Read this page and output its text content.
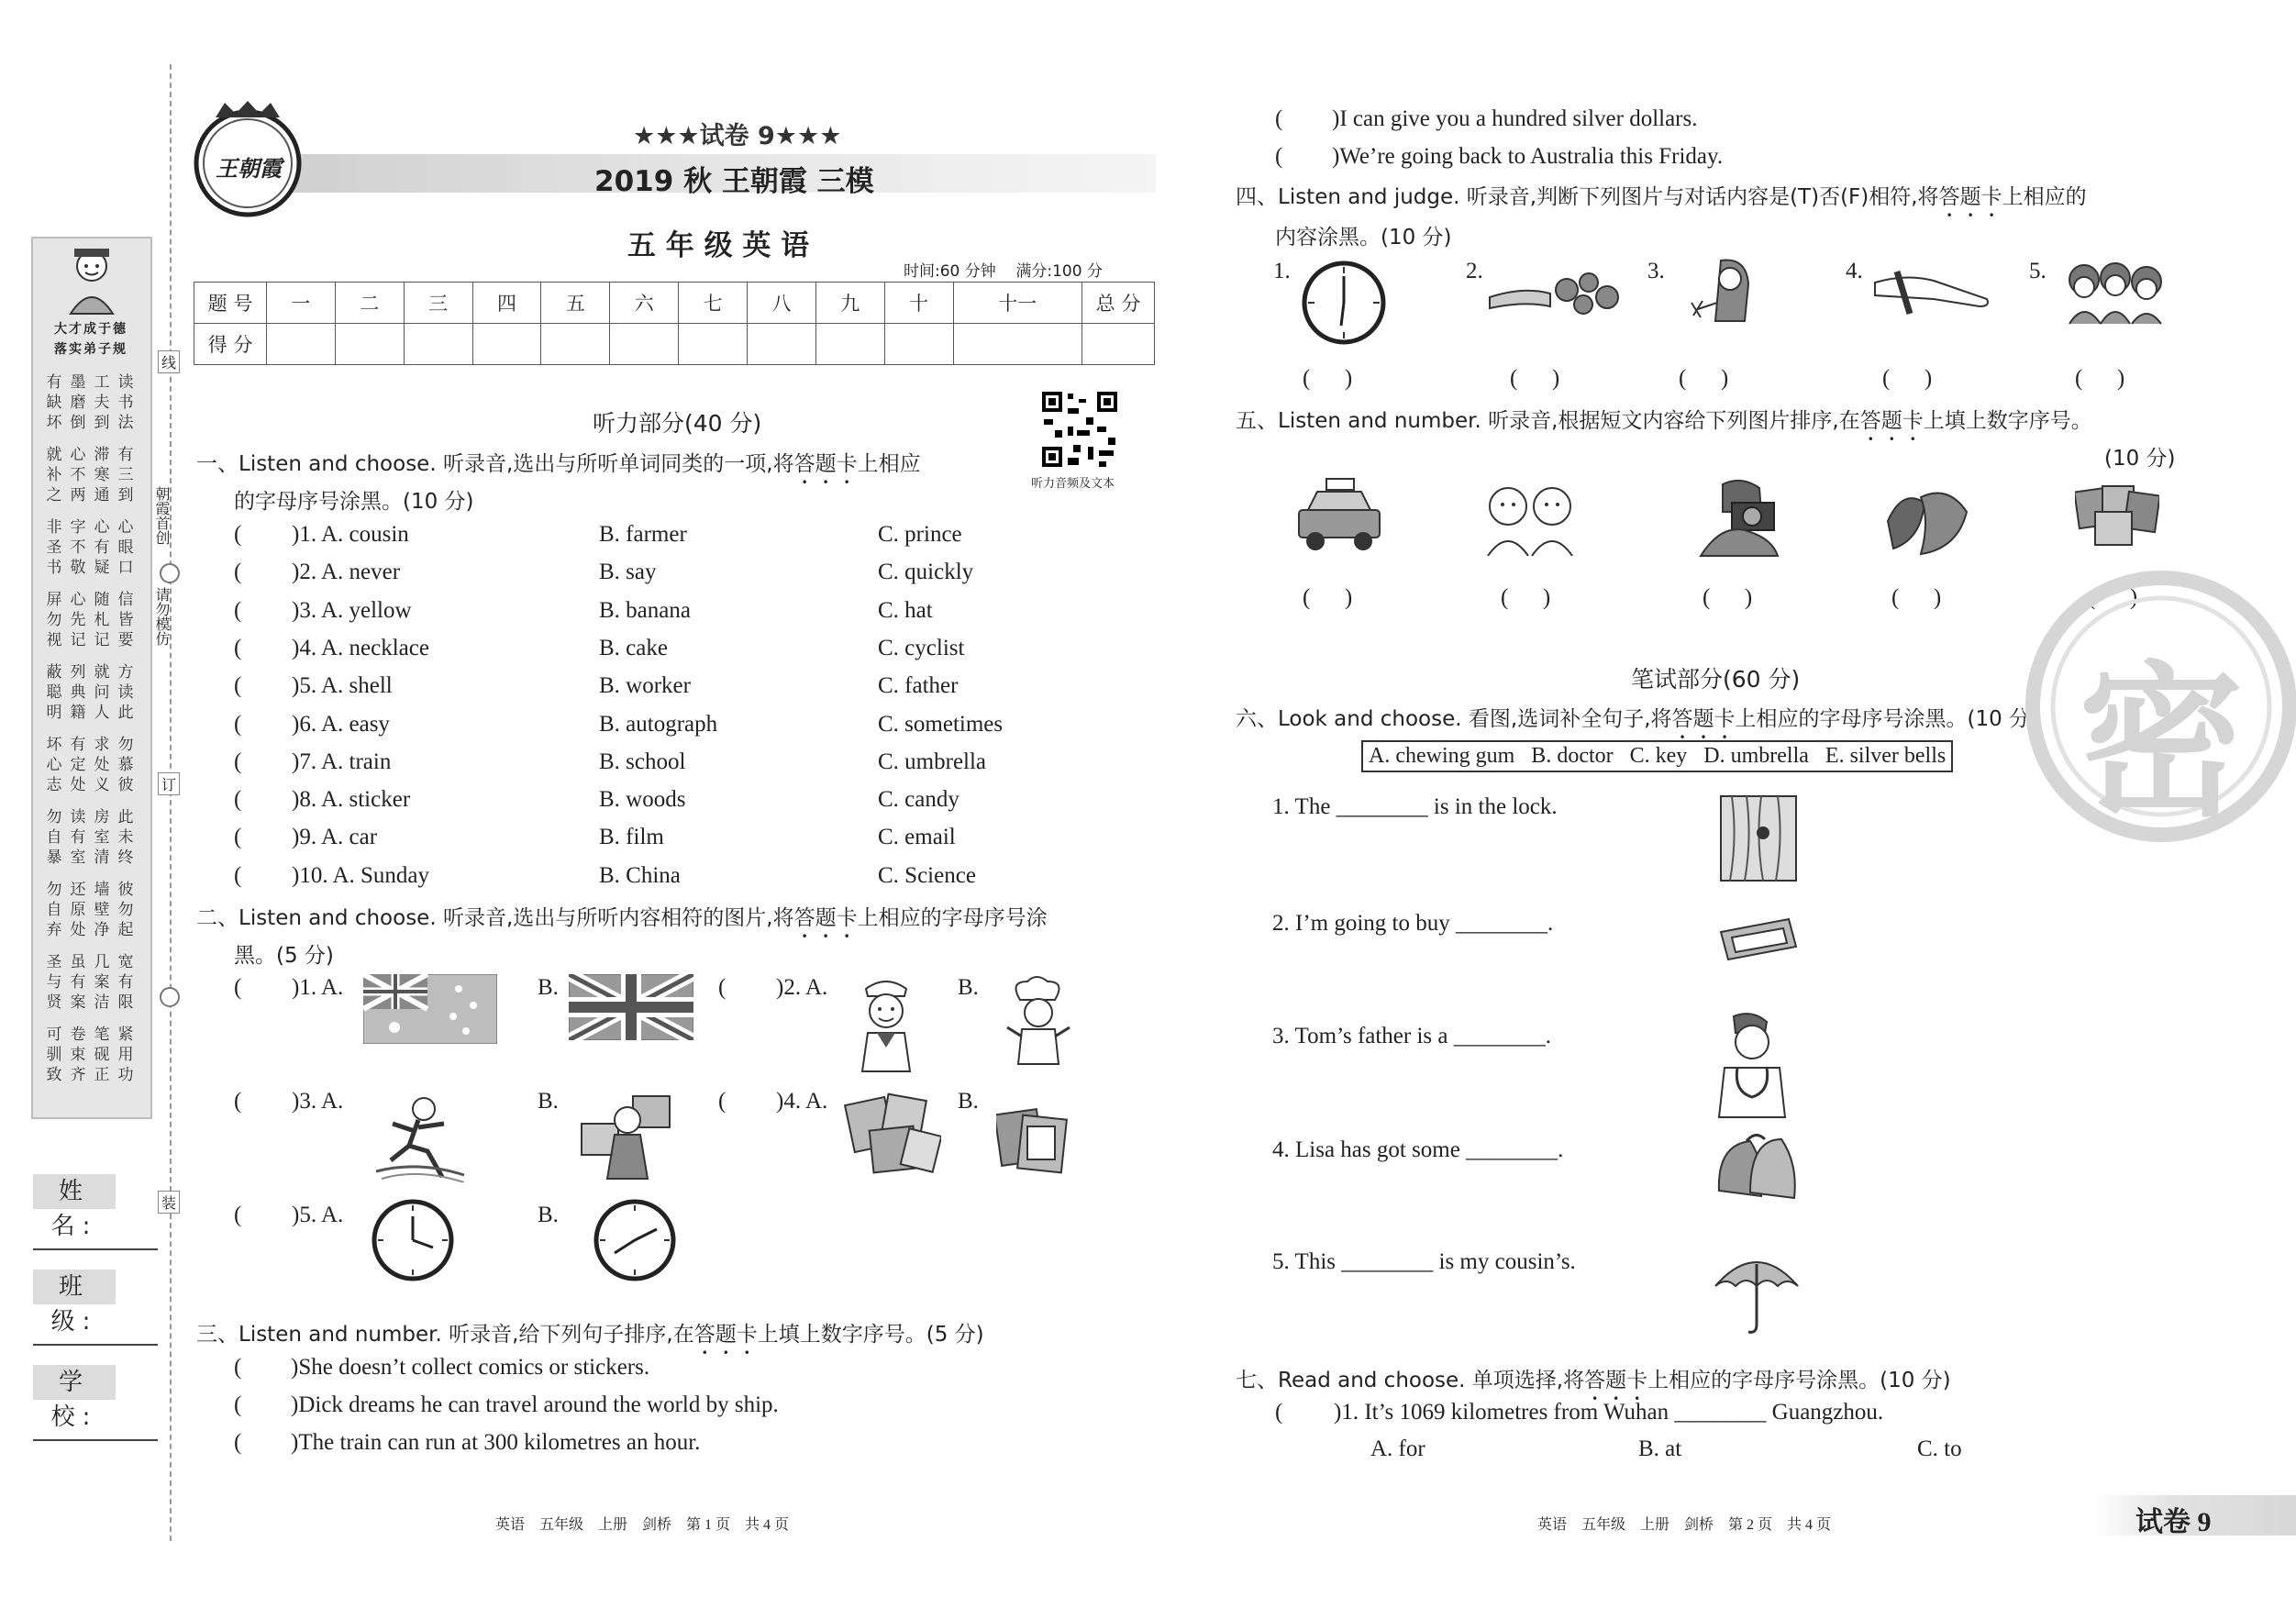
大才成于德
落实弟子规
有缺坏
墨磨倒
工夫到
读书法
就补之
心不两
滞寒通
有三到
非圣书
字不敬
心有疑
心眼口
屏勿视
心先记
随札记
信皆要
蔽聪明
列典籍
就问人
方读此
坏心志
有定处
求处义
勿慕彼
勿自暴
读有室
房室清
此未终
勿自弃
还原处
墙壁净
彼勿起
圣与贤
虽有案
几案洁
宽有限
可驯致
卷束齐
笔砚正
紧用功
姓 名:
班 级:
学 校:
线
朝霞首创
请勿模仿
订
装
王朝霞
★★★试卷 9★★★
2019 秋 王朝霞 三模
五 年 级 英 语
时间:60 分钟    满分:100 分
题 号	一	二	三	四	五	六	七	八	九	十	十一	总 分
得 分												
听力部分(40 分)
听力音频及文本
一、Listen and choose. 听录音,选出与所听单词同类的一项,将答题卡上相应
的字母序号涂黑。(10 分)
( )1. A. cousin	B. farmer	C. prince
( )2. A. never	B. say	C. quickly
( )3. A. yellow	B. banana	C. hat
( )4. A. necklace	B. cake	C. cyclist
( )5. A. shell	B. worker	C. father
( )6. A. easy	B. autograph	C. sometimes
( )7. A. train	B. school	C. umbrella
( )8. A. sticker	B. woods	C. candy
( )9. A. car	B. film	C. email
( )10. A. Sunday	B. China	C. Science
二、Listen and choose. 听录音,选出与所听内容相符的图片,将答题卡上相应的字母序号涂
黑。(5 分)
( )1. A.	B.	( )2. A.	B.
( )3. A.	B.	( )4. A.	B.
( )5. A.	B.
三、Listen and number. 听录音,给下列句子排序,在答题卡上填上数字序号。(5 分)
( )She doesn’t collect comics or stickers.
( )Dick dreams he can travel around the world by ship.
( )The train can run at 300 kilometres an hour.
( )I can give you a hundred silver dollars.
( )We’re going back to Australia this Friday.
四、Listen and judge. 听录音,判断下列图片与对话内容是(T)否(F)相符,将答题卡上相应的
内容涂黑。(10 分)
1.
(      )
2.
(      )
3.
(      )
4.
(      )
5.
(      )
五、Listen and number. 听录音,根据短文内容给下列图片排序,在答题卡上填上数字序号。
(10 分)
(      )	(      )	(      )	(      )	(      )
笔试部分(60 分)
六、Look and choose. 看图,选词补全句子,将答题卡上相应的字母序号涂黑。(10 分)
A. chewing gum   B. doctor   C. key   D. umbrella   E. silver bells
1. The ________ is in the lock.
2. I’m going to buy ________.
3. Tom’s father is a ________.
4. Lisa has got some ________.
5. This ________ is my cousin’s.
七、Read and choose. 单项选择,将答题卡上相应的字母序号涂黑。(10 分)
( )1. It’s 1069 kilometres from Wuhan ________ Guangzhou.
A. for	B. at	C. to
密
英语    五年级    上册    剑桥    第 1 页    共 4 页	英语    五年级    上册    剑桥    第 2 页    共 4 页	试卷 9
